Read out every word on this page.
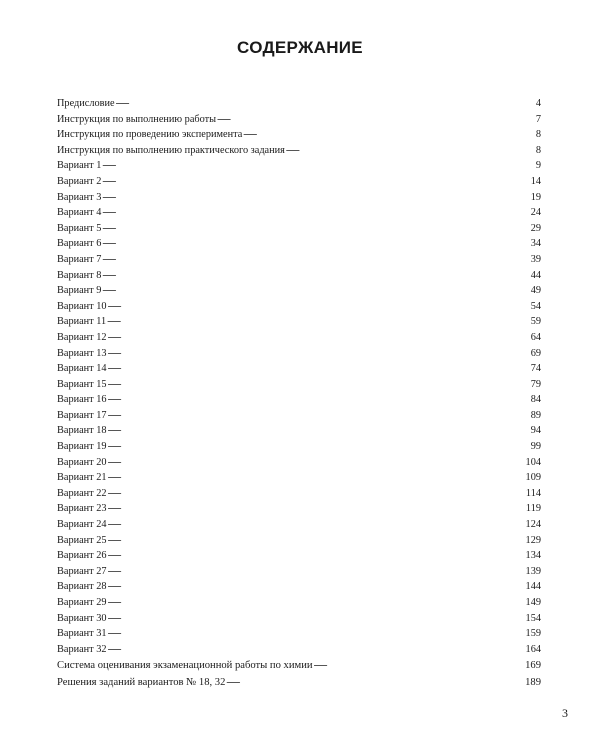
СОДЕРЖАНИЕ
Предисловие . . .	4
Инструкция по выполнению работы . . .	7
Инструкция по проведению эксперимента . . .	8
Инструкция по выполнению практического задания . . .	8
Вариант 1 . . .	9
Вариант 2 . . .	14
Вариант 3 . . .	19
Вариант 4 . . .	24
Вариант 5 . . .	29
Вариант 6 . . .	34
Вариант 7 . . .	39
Вариант 8 . . .	44
Вариант 9 . . .	49
Вариант 10 . . .	54
Вариант 11 . . .	59
Вариант 12 . . .	64
Вариант 13 . . .	69
Вариант 14 . . .	74
Вариант 15 . . .	79
Вариант 16 . . .	84
Вариант 17 . . .	89
Вариант 18 . . .	94
Вариант 19 . . .	99
Вариант 20 . . .	104
Вариант 21 . . .	109
Вариант 22 . . .	114
Вариант 23 . . .	119
Вариант 24 . . .	124
Вариант 25 . . .	129
Вариант 26 . . .	134
Вариант 27 . . .	139
Вариант 28 . . .	144
Вариант 29 . . .	149
Вариант 30 . . .	154
Вариант 31 . . .	159
Вариант 32 . . .	164
Система оценивания экзаменационной работы по химии . . .	169
Решения заданий вариантов № 18, 32 . . .	189
3
